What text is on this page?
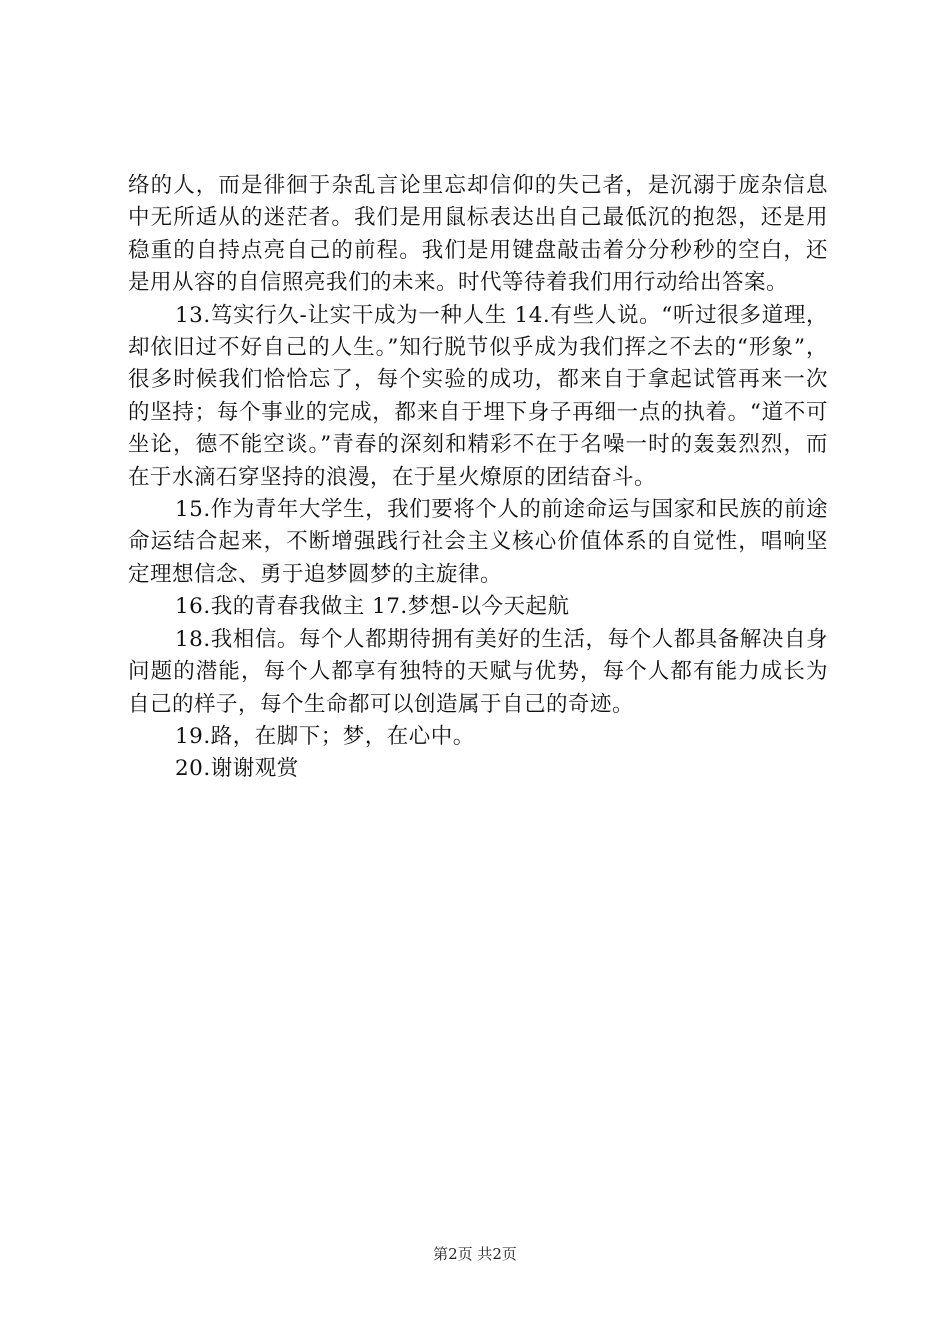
络的人，而是徘徊于杂乱言论里忘却信仰的失己者，是沉溺于庞杂信息中无所适从的迷茫者。我们是用鼠标表达出自己最低沉的抱怨，还是用稳重的自持点亮自己的前程。我们是用键盘敲击着分分秒秒的空白，还是用从容的自信照亮我们的未来。时代等待着我们用行动给出答案。

13.笃实行久-让实干成为一种人生 14.有些人说。“听过很多道理，却依旧过不好自己的人生。”知行脱节似乎成为我们挥之不去的“形象”，很多时候我们恰恰忘了，每个实验的成功，都来自于拿起试管再来一次的坚持；每个事业的完成，都来自于埋下身子再细一点的执着。“道不可坐论，德不能空谈。”青春的深刻和精彩不在于名噪一时的轰轰烈烈，而在于水滴石穿坚持的浪漫，在于星火燎原的团结奋斗。

15.作为青年大学生，我们要将个人的前途命运与国家和民族的前途命运结合起来，不断增强践行社会主义核心价值体系的自觉性，唱响坚定理想信念、勇于追梦圆梦的主旋律。

16.我的青春我做主 17.梦想-以今天起航

18.我相信。每个人都期待拥有美好的生活，每个人都具备解决自身问题的潜能，每个人都享有独特的天赋与优势，每个人都有能力成长为自己的样子，每个生命都可以创造属于自己的奇迹。

19.路，在脚下；梦，在心中。

20.谢谢观赏

第2页 共2页
